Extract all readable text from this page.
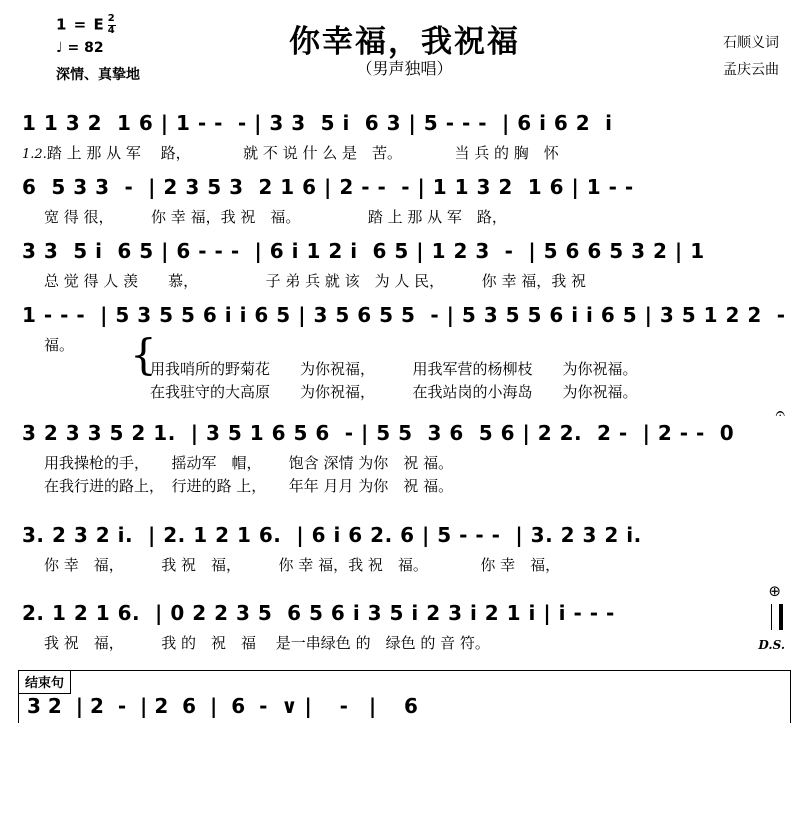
1 = E $\frac{2}{4}$
♩ = 82
深情、真挚地
你幸福，我祝福
（男声独唱）
石顺义词
孟庆云曲
1 1 3 2  1 6 | 1 - -  - | 3 3  5 i  6 3 | 5 - - -  | 6 i 6 2  i
1.2.踏 上 那 从 军　 路，　　　　就 不 说 什 么 是　苦。　　　　当 兵 的 胸　怀
6  5 3 3  -  | 2 3 5 3  2 1 6 | 2 - -  - | 1 1 3 2  1 6 | 1 - -
宽 得 很，　　　你 幸 福，我 祝　福。　　　　　踏 上 那 从 军　路，
3 3  5 i  6 5 | 6 - - -  | 6 i 1 2 i  6 5 | 1 2 3  -  | 5 6 6 5 3 2 | 1
总 觉 得 人 羡　　慕，　　　　　子 弟 兵 就 该　为 人 民，　　　你 幸 福，我 祝
1 - - -  | 5 3 5 5 6 i i 6 5 | 3 5 6 5 5  - | 5 3 5 5 6 i i 6 5 | 3 5 1 2 2  -
福。	{
用我哨所的野菊花　　为你祝福，　　　用我军营的杨柳枝　　为你祝福。
在我驻守的大高原　　为你祝福，　　　在我站岗的小海岛　　为你祝福。
3 2 3 3 5 2 1.  | 3 5 1 6 5 6  - | 5 5  3 6  5 6 | 2 2.  2 -  | 2 - -  0
𝄐
用我操枪的手，　　摇动军　帽，　　 饱含 深情 为你　祝 福。
在我行进的路上，　行进的路 上，　　年年 月月 为你　祝 福。
3. 2 3 2 i.  | 2. 1 2 1 6.  | 6 i 6 2. 6 | 5 - - -  | 3. 2 3 2 i.
你 幸　福，　　　我 祝　福，　　　你 幸 福，我 祝　福。　　　　你 幸　福，
2. 1 2 1 6.  | 0 2 2 3 5  6 5 6 i 3 5 i 2 3 i 2 1 i | i - - -
⊕
D.S.
我 祝　福，　　　我 的　祝　福　 是一串绿色 的　绿色 的 音 符。
结束句
3 2  | 2  -  | 2  6  |  6  -  ∨ |    -   |    6
